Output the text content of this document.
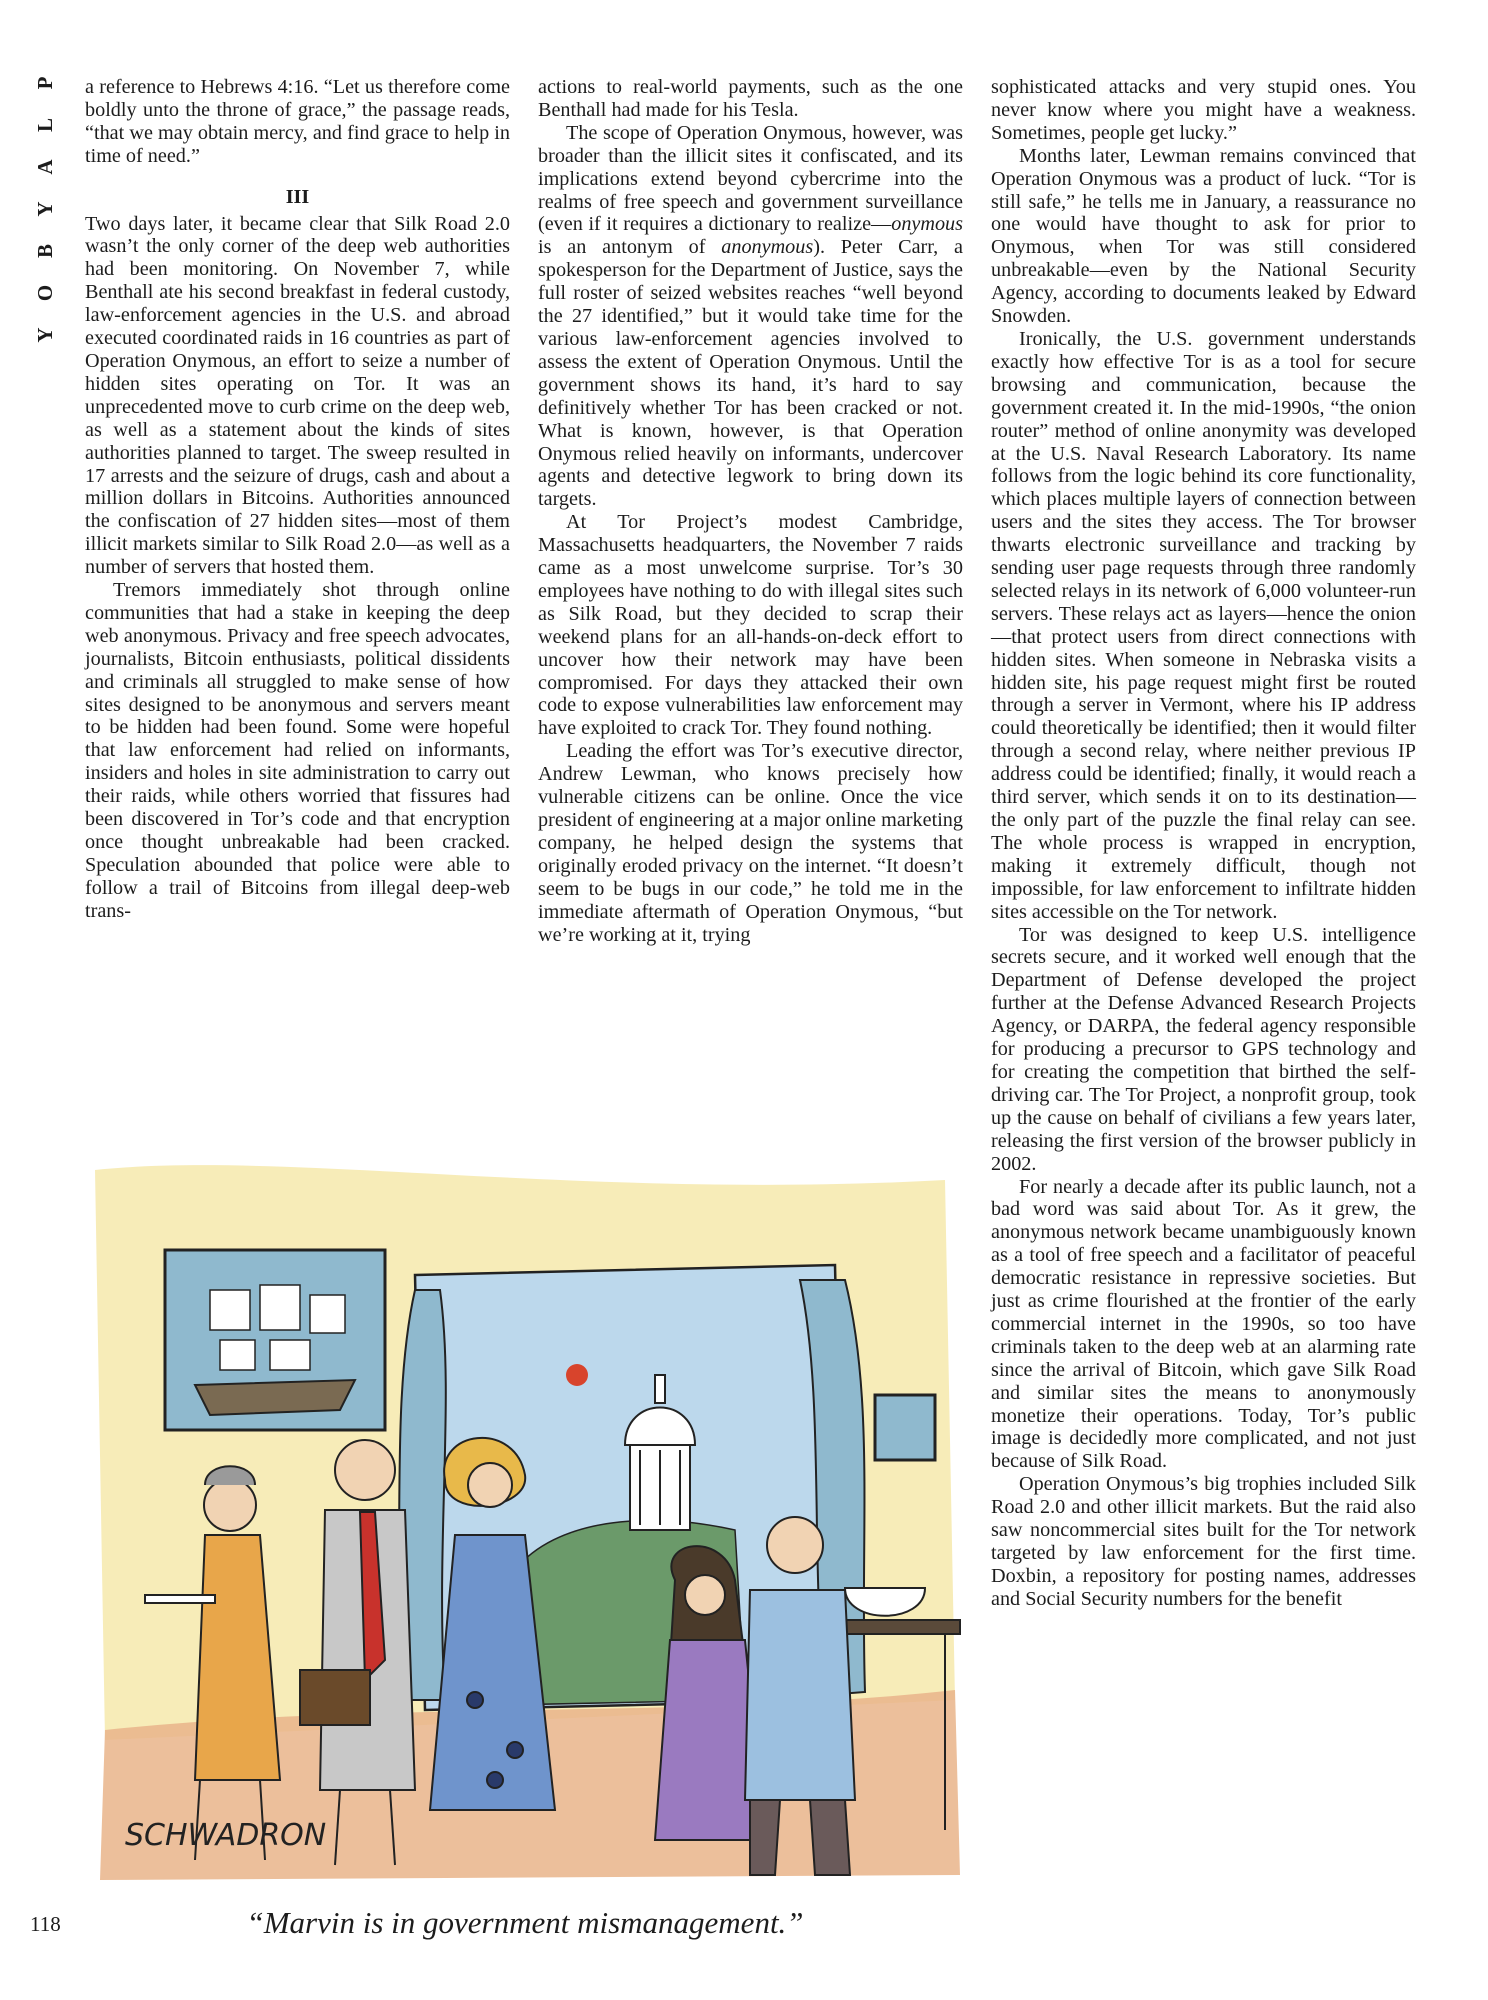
P
L
A
Y
B
O
Y

a reference to Hebrews 4:16. “Let us therefore come boldly unto the throne of grace,” the passage reads, “that we may obtain mercy, and find grace to help in time of need.”

III

Two days later, it became clear that Silk Road 2.0 wasn’t the only corner of the deep web authorities had been monitoring. On November 7, while Benthall ate his second breakfast in federal custody, law-enforcement agencies in the U.S. and abroad executed coordinated raids in 16 countries as part of Operation Onymous, an effort to seize a number of hidden sites operating on Tor. It was an unprecedented move to curb crime on the deep web, as well as a statement about the kinds of sites authorities planned to target. The sweep resulted in 17 arrests and the seizure of drugs, cash and about a million dollars in Bitcoins. Authorities announced the confiscation of 27 hidden sites—most of them illicit markets similar to Silk Road 2.0—as well as a number of servers that hosted them.

Tremors immediately shot through online communities that had a stake in keeping the deep web anonymous. Privacy and free speech advocates, journalists, Bitcoin enthusiasts, political dissidents and criminals all struggled to make sense of how sites designed to be anonymous and servers meant to be hidden had been found. Some were hopeful that law enforcement had relied on informants, insiders and holes in site administration to carry out their raids, while others worried that fissures had been discovered in Tor’s code and that encryption once thought unbreakable had been cracked. Speculation abounded that police were able to follow a trail of Bitcoins from illegal deep-web trans-

actions to real-world payments, such as the one Benthall had made for his Tesla.

The scope of Operation Onymous, however, was broader than the illicit sites it confiscated, and its implications extend beyond cybercrime into the realms of free speech and government surveillance (even if it requires a dictionary to realize—onymous is an antonym of anonymous). Peter Carr, a spokesperson for the Department of Justice, says the full roster of seized websites reaches “well beyond the 27 identified,” but it would take time for the various law-enforcement agencies involved to assess the extent of Operation Onymous. Until the government shows its hand, it’s hard to say definitively whether Tor has been cracked or not. What is known, however, is that Operation Onymous relied heavily on informants, undercover agents and detective legwork to bring down its targets.

At Tor Project’s modest Cambridge, Massachusetts headquarters, the November 7 raids came as a most unwelcome surprise. Tor’s 30 employees have nothing to do with illegal sites such as Silk Road, but they decided to scrap their weekend plans for an all-hands-on-deck effort to uncover how their network may have been compromised. For days they attacked their own code to expose vulnerabilities law enforcement may have exploited to crack Tor. They found nothing.

Leading the effort was Tor’s executive director, Andrew Lewman, who knows precisely how vulnerable citizens can be online. Once the vice president of engineering at a major online marketing company, he helped design the systems that originally eroded privacy on the internet. “It doesn’t seem to be bugs in our code,” he told me in the immediate aftermath of Operation Onymous, “but we’re working at it, trying

sophisticated attacks and very stupid ones. You never know where you might have a weakness. Sometimes, people get lucky.”

Months later, Lewman remains convinced that Operation Onymous was a product of luck. “Tor is still safe,” he tells me in January, a reassurance no one would have thought to ask for prior to Onymous, when Tor was still considered unbreakable—even by the National Security Agency, according to documents leaked by Edward Snowden.

Ironically, the U.S. government understands exactly how effective Tor is as a tool for secure browsing and communication, because the government created it. In the mid-1990s, “the onion router” method of online anonymity was developed at the U.S. Naval Research Laboratory. Its name follows from the logic behind its core functionality, which places multiple layers of connection between users and the sites they access. The Tor browser thwarts electronic surveillance and tracking by sending user page requests through three randomly selected relays in its network of 6,000 volunteer-run servers. These relays act as layers—hence the onion—that protect users from direct connections with hidden sites. When someone in Nebraska visits a hidden site, his page request might first be routed through a server in Vermont, where his IP address could theoretically be identified; then it would filter through a second relay, where neither previous IP address could be identified; finally, it would reach a third server, which sends it on to its destination—the only part of the puzzle the final relay can see. The whole process is wrapped in encryption, making it extremely difficult, though not impossible, for law enforcement to infiltrate hidden sites accessible on the Tor network.

Tor was designed to keep U.S. intelligence secrets secure, and it worked well enough that the Department of Defense developed the project further at the Defense Advanced Research Projects Agency, or DARPA, the federal agency responsible for producing a precursor to GPS technology and for creating the competition that birthed the self-driving car. The Tor Project, a nonprofit group, took up the cause on behalf of civilians a few years later, releasing the first version of the browser publicly in 2002.

For nearly a decade after its public launch, not a bad word was said about Tor. As it grew, the anonymous network became unambiguously known as a tool of free speech and a facilitator of peaceful democratic resistance in repressive societies. But just as crime flourished at the frontier of the early commercial internet in the 1990s, so too have criminals taken to the deep web at an alarming rate since the arrival of Bitcoin, which gave Silk Road and similar sites the means to anonymously monetize their operations. Today, Tor’s public image is decidedly more complicated, and not just because of Silk Road.

Operation Onymous’s big trophies included Silk Road 2.0 and other illicit markets. But the raid also saw noncommercial sites built for the Tor network targeted by law enforcement for the first time. Doxbin, a repository for posting names, addresses and Social Security numbers for the benefit

SCHWADRON
“Marvin is in government mismanagement.”
118
